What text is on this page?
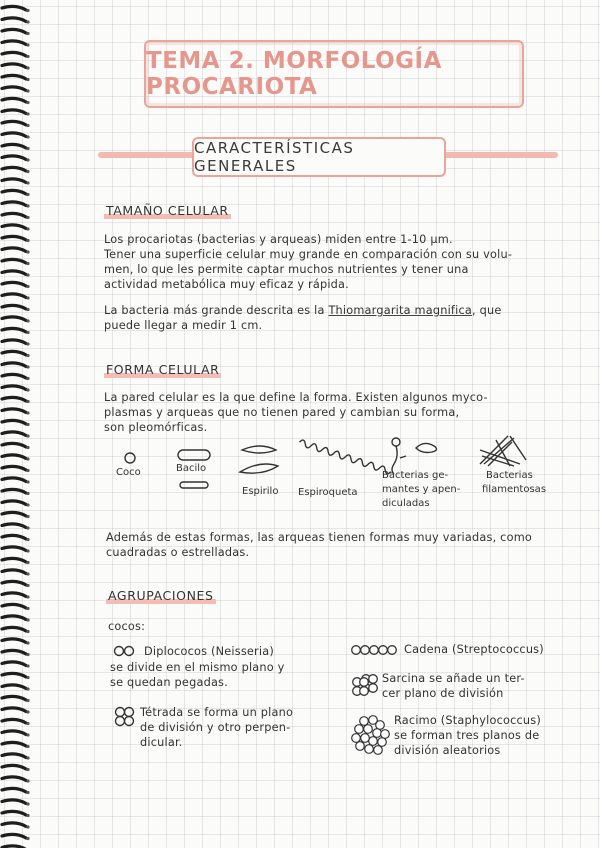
TEMA 2. MORFOLOGÍA PROCARIOTA
CARACTERÍSTICAS GENERALES
TAMAÑO CELULAR
Los procariotas (bacterias y arqueas) miden entre 1-10 µm.
Tener una superficie celular muy grande en comparación con su volu-
men, lo que les permite captar muchos nutrientes y tener una
actividad metabólica muy eficaz y rápida.
La bacteria más grande descrita es la Thiomargarita magnifica, que
puede llegar a medir 1 cm.
FORMA CELULAR
La pared celular es la que define la forma. Existen algunos myco-
plasmas y arqueas que no tienen pared y cambian su forma,
son pleomórficas.
Coco	Bacilo
Espirilo Espiroqueta
Bacterias ge-
mantes y apen-
diculadas
Bacterias
filamentosas
Además de estas formas, las arqueas tienen formas muy variadas, como
cuadradas o estrelladas.
AGRUPACIONES
cocos:
Diplococos (Neisseria)
se divide en el mismo plano y
se quedan pegadas.
Tétrada se forma un plano
de división y otro perpen-
dicular.
Cadena (Streptococcus)
Sarcina se añade un ter-
cer plano de división
Racimo (Staphylococcus)
se forman tres planos de
división aleatorios
